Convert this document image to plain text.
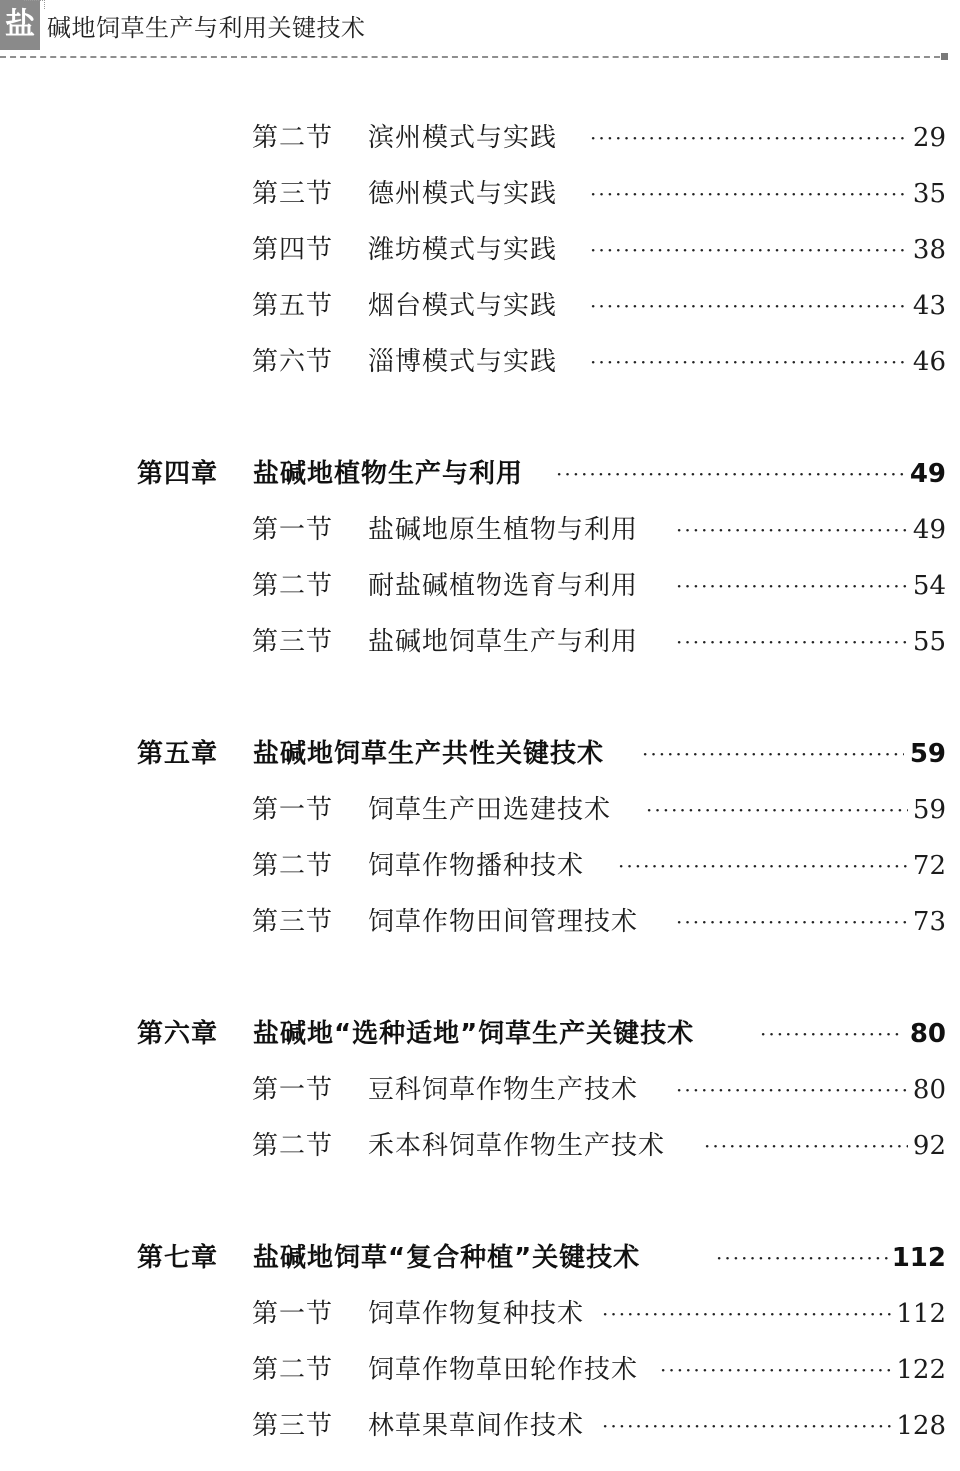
盐 碱地饲草生产与利用关键技术
第二节 滨州模式与实践 ·····	29
第三节 德州模式与实践 ·····	35
第四节 潍坊模式与实践 ·····	38
第五节 烟台模式与实践 ·····	43
第六节 淄博模式与实践 ·····	46
第四章 盐碱地植物生产与利用 ·····	49
第一节 盐碱地原生植物与利用 ·····	49
第二节 耐盐碱植物选育与利用 ·····	54
第三节 盐碱地饲草生产与利用 ·····	55
第五章 盐碱地饲草生产共性关键技术 ·····	59
第一节 饲草生产田选建技术 ·····	59
第二节 饲草作物播种技术 ·····	72
第三节 饲草作物田间管理技术 ·····	73
第六章 盐碱地“选种适地”饲草生产关键技术 ·····	80
第一节 豆科饲草作物生产技术 ·····	80
第二节 禾本科饲草作物生产技术 ·····	92
第七章 盐碱地饲草“复合种植”关键技术 ·····	112
第一节 饲草作物复种技术 ·····	112
第二节 饲草作物草田轮作技术 ·····	122
第三节 林草果草间作技术 ·····	128
